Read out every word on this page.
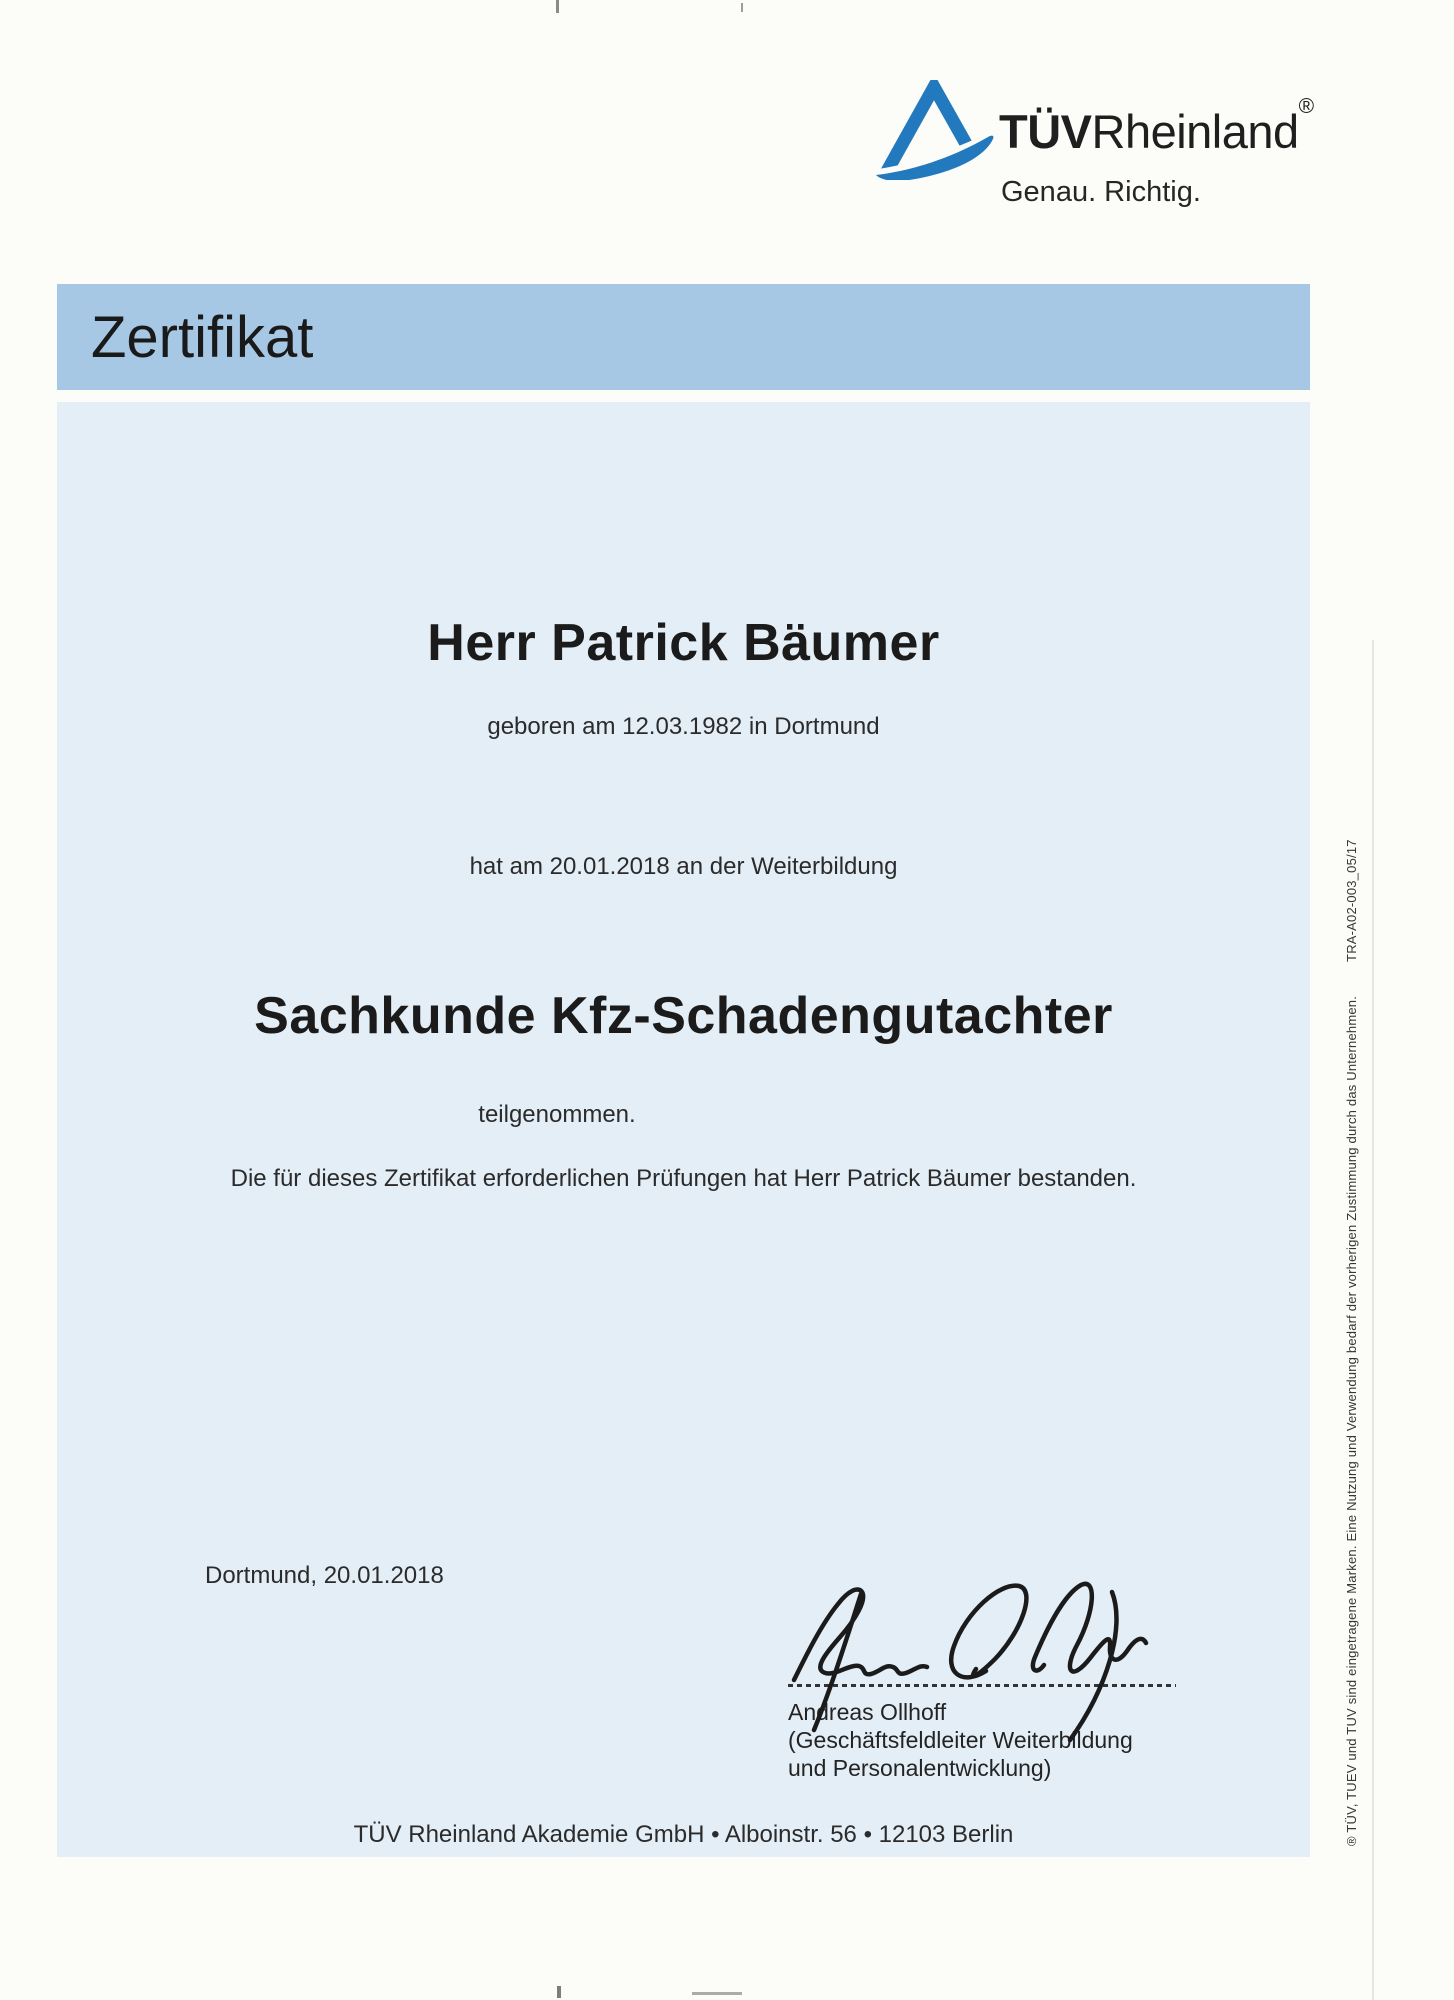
TÜVRheinland®
Genau. Richtig.
Zertifikat
Herr Patrick Bäumer
geboren am 12.03.1982 in Dortmund
hat am 20.01.2018 an der Weiterbildung
Sachkunde Kfz-Schadengutachter
teilgenommen.
Die für dieses Zertifikat erforderlichen Prüfungen hat Herr Patrick Bäumer bestanden.
Dortmund, 20.01.2018
Andreas Ollhoff
(Geschäftsfeldleiter Weiterbildung
und Personalentwicklung)
TÜV Rheinland Akademie GmbH • Alboinstr. 56 • 12103 Berlin	® TÜV, TUEV und TUV sind eingetragene Marken. Eine Nutzung und Verwendung bedarf der vorherigen Zustimmung durch das Unternehmen.TRA-A02-003_05/17
